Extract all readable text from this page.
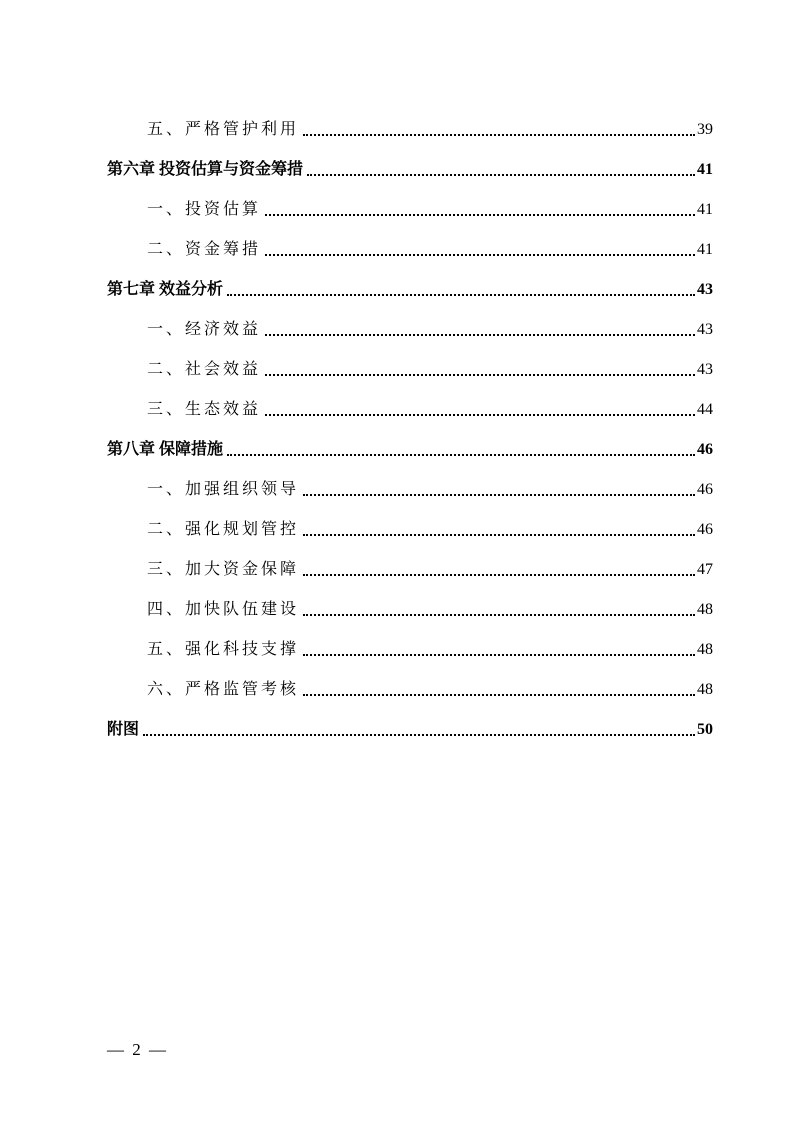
五、严格管护利用	39
第六章 投资估算与资金筹措	41
一、投资估算	41
二、资金筹措	41
第七章 效益分析	43
一、经济效益	43
二、社会效益	43
三、生态效益	44
第八章 保障措施	46
一、加强组织领导	46
二、强化规划管控	46
三、加大资金保障	47
四、加快队伍建设	48
五、强化科技支撑	48
六、严格监管考核	48
附图	50
— 2 —
